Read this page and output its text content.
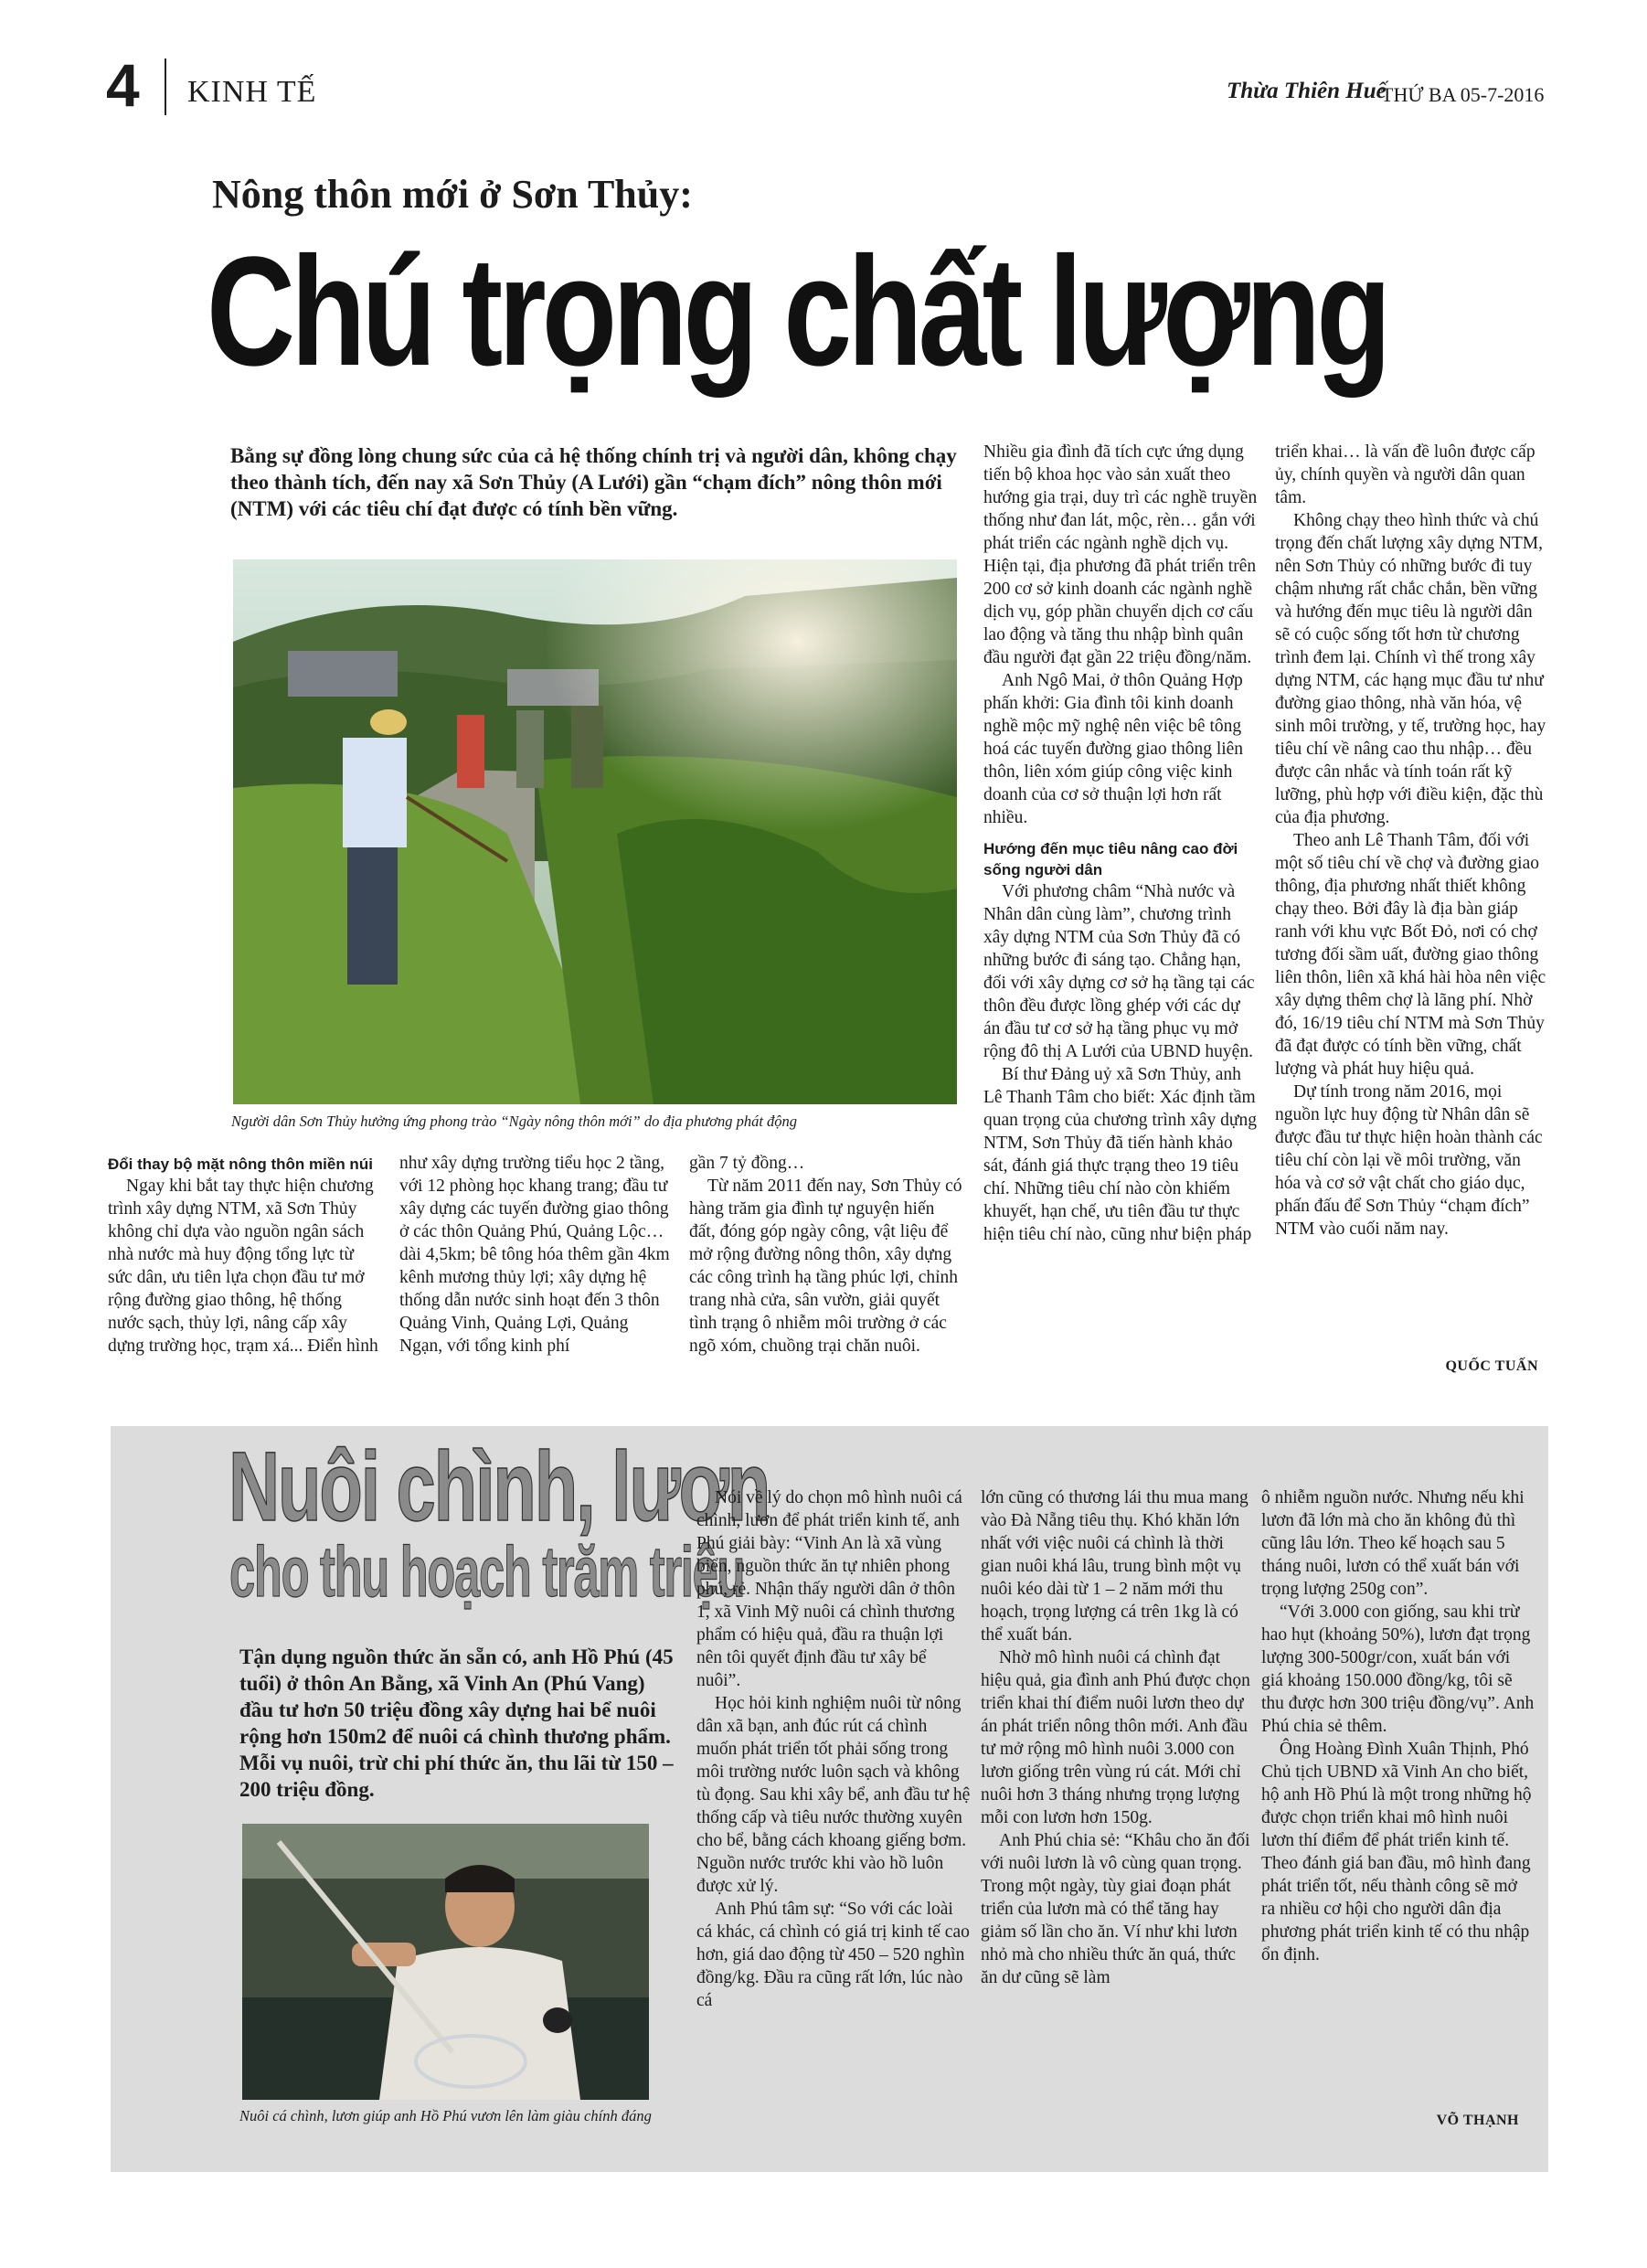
4 KINH TẾ	Thừa Thiên Huế
THỨ BA 05-7-2016
Nông thôn mới ở Sơn Thủy:
Chú trọng chất lượng
Bằng sự đồng lòng chung sức của cả hệ thống chính trị và người dân, không chạy theo thành tích, đến nay xã Sơn Thủy (A Lưới) gần “chạm đích” nông thôn mới (NTM) với các tiêu chí đạt được có tính bền vững.
Người dân Sơn Thủy hưởng ứng phong trào “Ngày nông thôn mới” do địa phương phát động

Đổi thay bộ mặt nông thôn miền núi

Ngay khi bắt tay thực hiện chương trình xây dựng NTM, xã Sơn Thủy không chỉ dựa vào nguồn ngân sách nhà nước mà huy động tổng lực từ sức dân, ưu tiên lựa chọn đầu tư mở rộng đường giao thông, hệ thống nước sạch, thủy lợi, nâng cấp xây dựng trường học, trạm xá... Điển hình

như xây dựng trường tiểu học 2 tầng, với 12 phòng học khang trang; đầu tư xây dựng các tuyến đường giao thông ở các thôn Quảng Phú, Quảng Lộc… dài 4,5km; bê tông hóa thêm gần 4km kênh mương thủy lợi; xây dựng hệ thống dẫn nước sinh hoạt đến 3 thôn Quảng Vinh, Quảng Lợi, Quảng Ngạn, với tổng kinh phí

gần 7 tỷ đồng…

Từ năm 2011 đến nay, Sơn Thủy có hàng trăm gia đình tự nguyện hiến đất, đóng góp ngày công, vật liệu để mở rộng đường nông thôn, xây dựng các công trình hạ tầng phúc lợi, chỉnh trang nhà cửa, sân vườn, giải quyết tình trạng ô nhiễm môi trường ở các ngõ xóm, chuồng trại chăn nuôi.

Nhiều gia đình đã tích cực ứng dụng tiến bộ khoa học vào sản xuất theo hướng gia trại, duy trì các nghề truyền thống như đan lát, mộc, rèn… gắn với phát triển các ngành nghề dịch vụ. Hiện tại, địa phương đã phát triển trên 200 cơ sở kinh doanh các ngành nghề dịch vụ, góp phần chuyển dịch cơ cấu lao động và tăng thu nhập bình quân đầu người đạt gần 22 triệu đồng/năm.

Anh Ngô Mai, ở thôn Quảng Hợp phấn khởi: Gia đình tôi kinh doanh nghề mộc mỹ nghệ nên việc bê tông hoá các tuyến đường giao thông liên thôn, liên xóm giúp công việc kinh doanh của cơ sở thuận lợi hơn rất nhiều.

Hướng đến mục tiêu nâng cao đời sống người dân

Với phương châm “Nhà nước và Nhân dân cùng làm”, chương trình xây dựng NTM của Sơn Thủy đã có những bước đi sáng tạo. Chẳng hạn, đối với xây dựng cơ sở hạ tầng tại các thôn đều được lồng ghép với các dự án đầu tư cơ sở hạ tầng phục vụ mở rộng đô thị A Lưới của UBND huyện.

Bí thư Đảng uỷ xã Sơn Thủy, anh Lê Thanh Tâm cho biết: Xác định tầm quan trọng của chương trình xây dựng NTM, Sơn Thủy đã tiến hành khảo sát, đánh giá thực trạng theo 19 tiêu chí. Những tiêu chí nào còn khiếm khuyết, hạn chế, ưu tiên đầu tư thực hiện tiêu chí nào, cũng như biện pháp

triển khai… là vấn đề luôn được cấp ủy, chính quyền và người dân quan tâm.

Không chạy theo hình thức và chú trọng đến chất lượng xây dựng NTM, nên Sơn Thủy có những bước đi tuy chậm nhưng rất chắc chắn, bền vững và hướng đến mục tiêu là người dân sẽ có cuộc sống tốt hơn từ chương trình đem lại. Chính vì thế trong xây dựng NTM, các hạng mục đầu tư như đường giao thông, nhà văn hóa, vệ sinh môi trường, y tế, trường học, hay tiêu chí về nâng cao thu nhập… đều được cân nhắc và tính toán rất kỹ lưỡng, phù hợp với điều kiện, đặc thù của địa phương.

Theo anh Lê Thanh Tâm, đối với một số tiêu chí về chợ và đường giao thông, địa phương nhất thiết không chạy theo. Bởi đây là địa bàn giáp ranh với khu vực Bốt Đỏ, nơi có chợ tương đối sầm uất, đường giao thông liên thôn, liên xã khá hài hòa nên việc xây dựng thêm chợ là lãng phí. Nhờ đó, 16/19 tiêu chí NTM mà Sơn Thủy đã đạt được có tính bền vững, chất lượng và phát huy hiệu quả.

Dự tính trong năm 2016, mọi nguồn lực huy động từ Nhân dân sẽ được đầu tư thực hiện hoàn thành các tiêu chí còn lại về môi trường, văn hóa và cơ sở vật chất cho giáo dục, phấn đấu để Sơn Thủy “chạm đích” NTM vào cuối năm nay.

QUỐC TUẤN
Nuôi chình, lươn
cho thu hoạch trăm triệu
Tận dụng nguồn thức ăn sẵn có, anh Hồ Phú (45 tuổi) ở thôn An Bằng, xã Vinh An (Phú Vang) đầu tư hơn 50 triệu đồng xây dựng hai bể nuôi rộng hơn 150m2 để nuôi cá chình thương phẩm. Mỗi vụ nuôi, trừ chi phí thức ăn, thu lãi từ 150 – 200 triệu đồng.
Nuôi cá chình, lươn giúp anh Hồ Phú vươn lên làm giàu chính đáng

Nói về lý do chọn mô hình nuôi cá chình, lươn để phát triển kinh tế, anh Phú giải bày: “Vinh An là xã vùng biển, nguồn thức ăn tự nhiên phong phú, rẻ. Nhận thấy người dân ở thôn 1, xã Vinh Mỹ nuôi cá chình thương phẩm có hiệu quả, đầu ra thuận lợi nên tôi quyết định đầu tư xây bể nuôi”.

Học hỏi kinh nghiệm nuôi từ nông dân xã bạn, anh đúc rút cá chình muốn phát triển tốt phải sống trong môi trường nước luôn sạch và không tù đọng. Sau khi xây bể, anh đầu tư hệ thống cấp và tiêu nước thường xuyên cho bể, bằng cách khoang giếng bơm. Nguồn nước trước khi vào hồ luôn được xử lý.

Anh Phú tâm sự: “So với các loài cá khác, cá chình có giá trị kinh tế cao hơn, giá dao động từ 450 – 520 nghìn đồng/kg. Đầu ra cũng rất lớn, lúc nào cá

lớn cũng có thương lái thu mua mang vào Đà Nẵng tiêu thụ. Khó khăn lớn nhất với việc nuôi cá chình là thời gian nuôi khá lâu, trung bình một vụ nuôi kéo dài từ 1 – 2 năm mới thu hoạch, trọng lượng cá trên 1kg là có thể xuất bán.

Nhờ mô hình nuôi cá chình đạt hiệu quả, gia đình anh Phú được chọn triển khai thí điểm nuôi lươn theo dự án phát triển nông thôn mới. Anh đầu tư mở rộng mô hình nuôi 3.000 con lươn giống trên vùng rú cát. Mới chỉ nuôi hơn 3 tháng nhưng trọng lượng mỗi con lươn hơn 150g.

Anh Phú chia sẻ: “Khâu cho ăn đối với nuôi lươn là vô cùng quan trọng. Trong một ngày, tùy giai đoạn phát triển của lươn mà có thể tăng hay giảm số lần cho ăn. Ví như khi lươn nhỏ mà cho nhiều thức ăn quá, thức ăn dư cũng sẽ làm

ô nhiễm nguồn nước. Nhưng nếu khi lươn đã lớn mà cho ăn không đủ thì cũng lâu lớn. Theo kế hoạch sau 5 tháng nuôi, lươn có thể xuất bán với trọng lượng 250g con”.

“Với 3.000 con giống, sau khi trừ hao hụt (khoảng 50%), lươn đạt trọng lượng 300-500gr/con, xuất bán với giá khoảng 150.000 đồng/kg, tôi sẽ thu được hơn 300 triệu đồng/vụ”. Anh Phú chia sẻ thêm.

Ông Hoàng Đình Xuân Thịnh, Phó Chủ tịch UBND xã Vinh An cho biết, hộ anh Hồ Phú là một trong những hộ được chọn triển khai mô hình nuôi lươn thí điểm để phát triển kinh tế. Theo đánh giá ban đầu, mô hình đang phát triển tốt, nếu thành công sẽ mở ra nhiều cơ hội cho người dân địa phương phát triển kinh tế có thu nhập ổn định.

VÕ THẠNH
